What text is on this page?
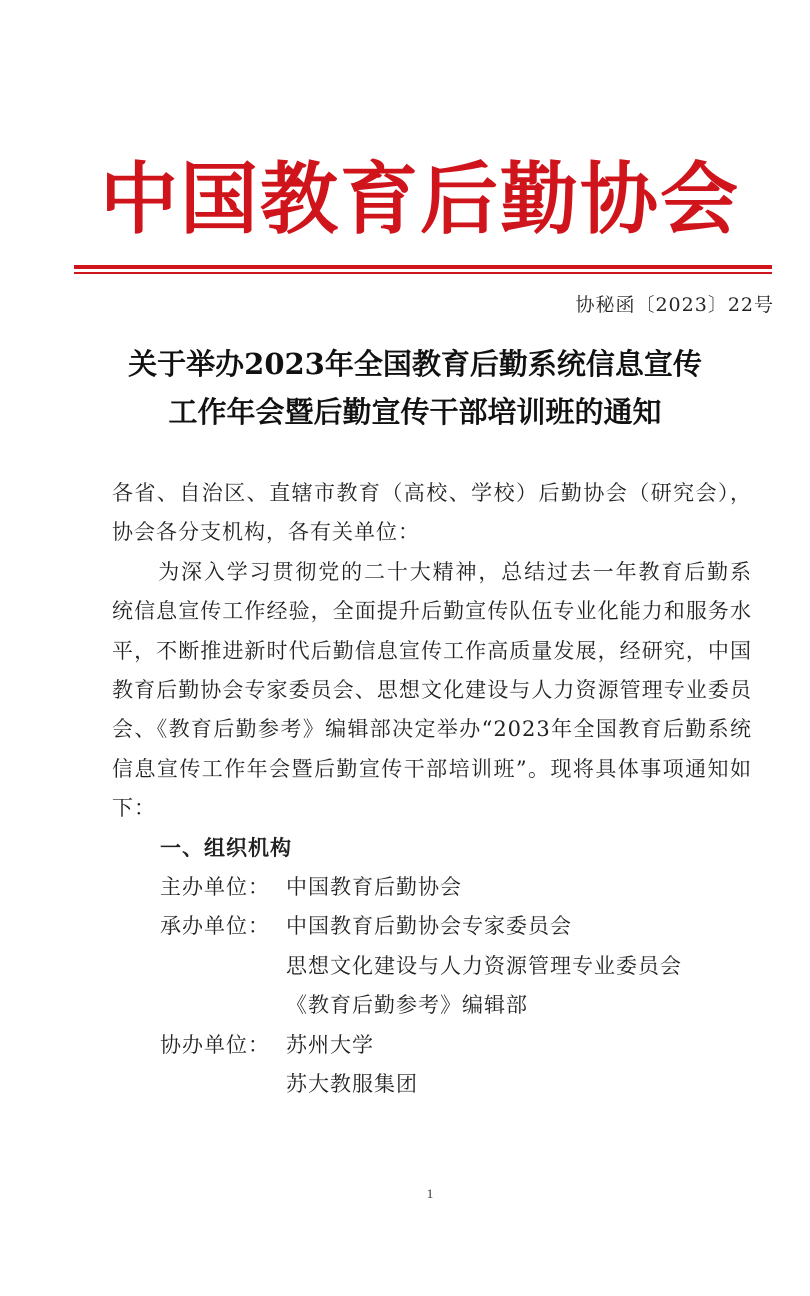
中国教育后勤协会
协秘函〔2023〕22号
关于举办2023年全国教育后勤系统信息宣传
工作年会暨后勤宣传干部培训班的通知

各省、自治区、直辖市教育（高校、学校）后勤协会（研究会），协会各分支机构，各有关单位：

为深入学习贯彻党的二十大精神，总结过去一年教育后勤系统信息宣传工作经验，全面提升后勤宣传队伍专业化能力和服务水平，不断推进新时代后勤信息宣传工作高质量发展，经研究，中国教育后勤协会专家委员会、思想文化建设与人力资源管理专业委员会、《教育后勤参考》编辑部决定举办“2023年全国教育后勤系统信息宣传工作年会暨后勤宣传干部培训班”。现将具体事项通知如下：

一、组织机构

主办单位： 中国教育后勤协会
承办单位： 中国教育后勤协会专家委员会
思想文化建设与人力资源管理专业委员会
《教育后勤参考》编辑部
协办单位： 苏州大学
苏大教服集团
1
